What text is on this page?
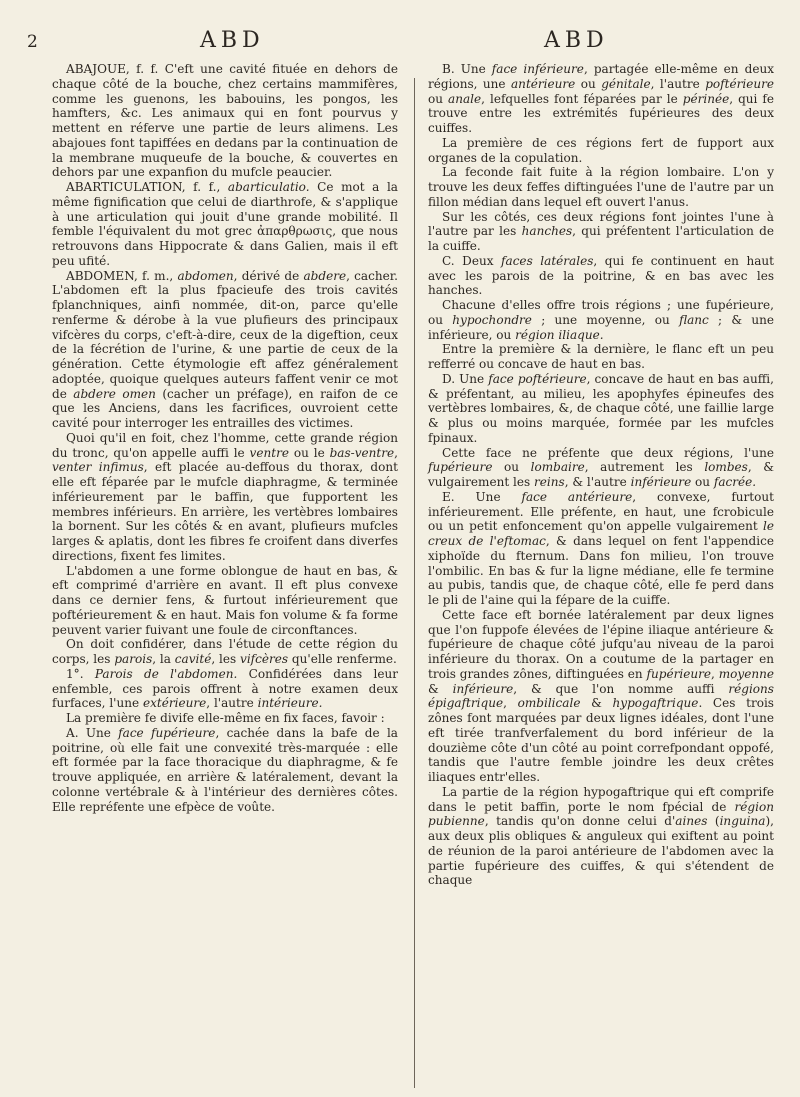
2	ABD	ABD

ABAJOUE, f. f. C'eft une cavité fituée en dehors de chaque côté de la bouche, chez certains mammifères, comme les guenons, les babouins, les pongos, les hamfters, &c. Les animaux qui en font pourvus y mettent en réferve une partie de leurs alimens. Les abajoues font tapiffées en dedans par la continuation de la membrane muqueufe de la bouche, & couvertes en dehors par une expanfion du mufcle peaucier.

ABARTICULATION, f. f., abarticulatio. Ce mot a la même fignification que celui de diarthrofe, & s'applique à une articulation qui jouit d'une grande mobilité. Il femble l'équivalent du mot grec ἀπαρθρωσις, que nous retrouvons dans Hippocrate & dans Galien, mais il eft peu ufité.

ABDOMEN, f. m., abdomen, dérivé de abdere, cacher. L'abdomen eft la plus fpacieufe des trois cavités fplanchniques, ainfi nommée, dit-on, parce qu'elle renferme & dérobe à la vue plufieurs des principaux vifcères du corps, c'eft-à-dire, ceux de la digeftion, ceux de la fécrétion de l'urine, & une partie de ceux de la génération. Cette étymologie eft affez généralement adoptée, quoique quelques auteurs faffent venir ce mot de abdere omen (cacher un préfage), en raifon de ce que les Anciens, dans les facrifices, ouvroient cette cavité pour interroger les entrailles des victimes.

Quoi qu'il en foit, chez l'homme, cette grande région du tronc, qu'on appelle auffi le ventre ou le bas-ventre, venter infimus, eft placée au-deffous du thorax, dont elle eft féparée par le mufcle diaphragme, & terminée inférieurement par le baffin, que fupportent les membres inférieurs. En arrière, les vertèbres lombaires la bornent. Sur les côtés & en avant, plufieurs mufcles larges & aplatis, dont les fibres fe croifent dans diverfes directions, fixent fes limites.

L'abdomen a une forme oblongue de haut en bas, & eft comprimé d'arrière en avant. Il eft plus convexe dans ce dernier fens, & furtout inférieurement que poftérieurement & en haut. Mais fon volume & fa forme peuvent varier fuivant une foule de circonftances.

On doit confidérer, dans l'étude de cette région du corps, les parois, la cavité, les vifcères qu'elle renferme.

1°. Parois de l'abdomen. Confidérées dans leur enfemble, ces parois offrent à notre examen deux furfaces, l'une extérieure, l'autre intérieure.

La première fe divife elle-même en fix faces, favoir :

A. Une face fupérieure, cachée dans la bafe de la poitrine, où elle fait une convexité très-marquée : elle eft formée par la face thoracique du diaphragme, & fe trouve appliquée, en arrière & latéralement, devant la colonne vertébrale & à l'intérieur des dernières côtes. Elle repréfente une efpèce de voûte.

B. Une face inférieure, partagée elle-même en deux régions, une antérieure ou génitale, l'autre poftérieure ou anale, lefquelles font féparées par le périnée, qui fe trouve entre les extrémités fupérieures des deux cuiffes.

La première de ces régions fert de fupport aux organes de la copulation.

La feconde fait fuite à la région lombaire. L'on y trouve les deux feffes diftinguées l'une de l'autre par un fillon médian dans lequel eft ouvert l'anus.

Sur les côtés, ces deux régions font jointes l'une à l'autre par les hanches, qui préfentent l'articulation de la cuiffe.

C. Deux faces latérales, qui fe continuent en haut avec les parois de la poitrine, & en bas avec les hanches.

Chacune d'elles offre trois régions ; une fupérieure, ou hypochondre ; une moyenne, ou flanc ; & une inférieure, ou région iliaque.

Entre la première & la dernière, le flanc eft un peu refferré ou concave de haut en bas.

D. Une face poftérieure, concave de haut en bas auffi, & préfentant, au milieu, les apophyfes épineufes des vertèbres lombaires, &, de chaque côté, une faillie large & plus ou moins marquée, formée par les mufcles fpinaux.

Cette face ne préfente que deux régions, l'une fupérieure ou lombaire, autrement les lombes, & vulgairement les reins, & l'autre inférieure ou facrée.

E. Une face antérieure, convexe, furtout inférieurement. Elle préfente, en haut, une fcrobicule ou un petit enfoncement qu'on appelle vulgairement le creux de l'eftomac, & dans lequel on fent l'appendice xiphoïde du fternum. Dans fon milieu, l'on trouve l'ombilic. En bas & fur la ligne médiane, elle fe termine au pubis, tandis que, de chaque côté, elle fe perd dans le pli de l'aine qui la fépare de la cuiffe.

Cette face eft bornée latéralement par deux lignes que l'on fuppofe élevées de l'épine iliaque antérieure & fupérieure de chaque côté jufqu'au niveau de la paroi inférieure du thorax. On a coutume de la partager en trois grandes zônes, diftinguées en fupérieure, moyenne & inférieure, & que l'on nomme auffi régions épigaftrique, ombilicale & hypogaftrique. Ces trois zônes font marquées par deux lignes idéales, dont l'une eft tirée tranfverfalement du bord inférieur de la douzième côte d'un côté au point correfpondant oppofé, tandis que l'autre femble joindre les deux crêtes iliaques entr'elles.

La partie de la région hypogaftrique qui eft comprife dans le petit baffin, porte le nom fpécial de région pubienne, tandis qu'on donne celui d'aines (inguina), aux deux plis obliques & anguleux qui exiftent au point de réunion de la paroi antérieure de l'abdomen avec la partie fupérieure des cuiffes, & qui s'étendent de chaque
